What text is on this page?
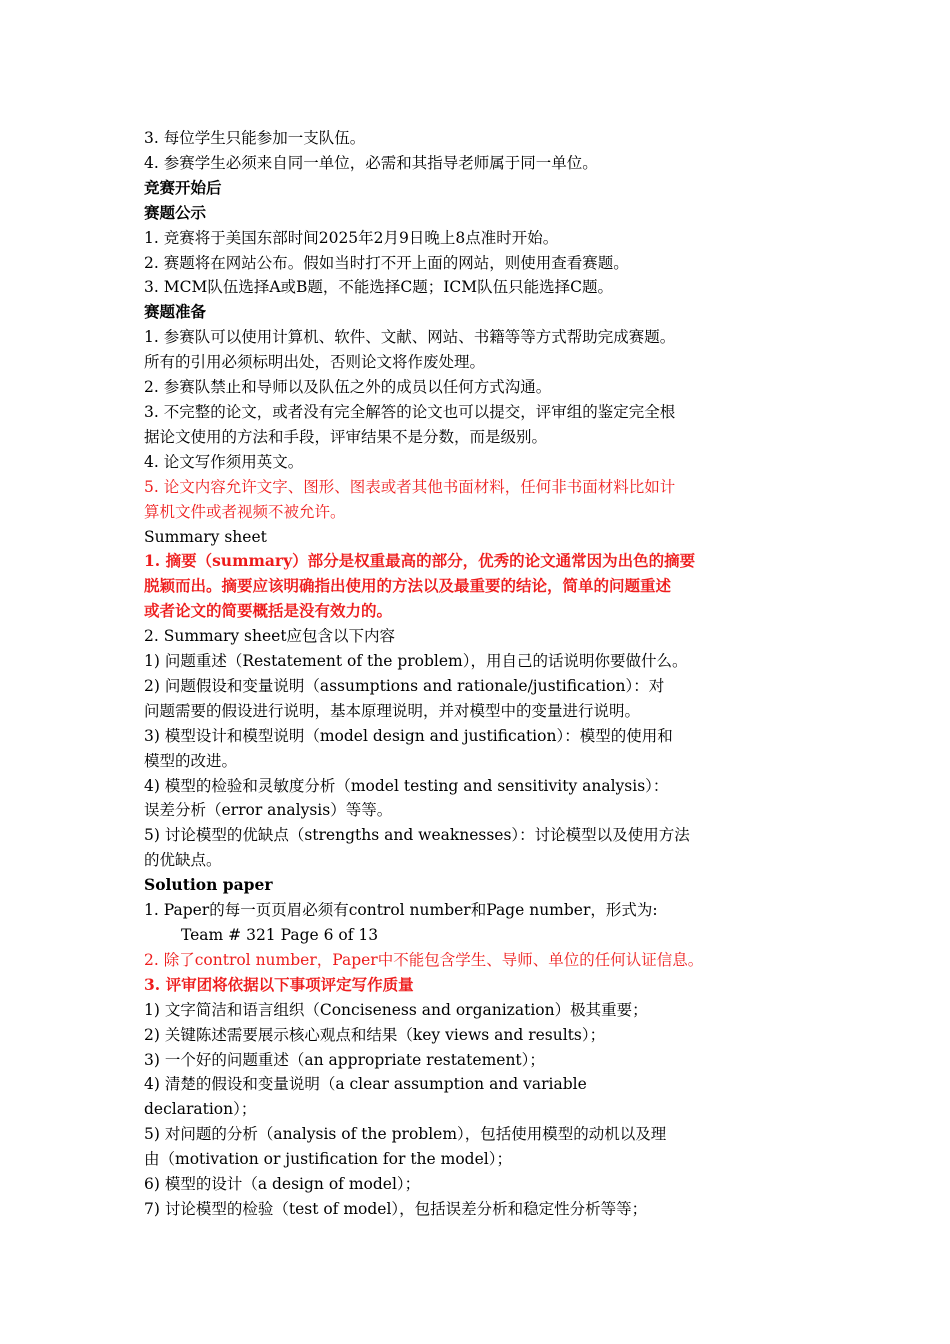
3. 每位学生只能参加一支队伍。
4. 参赛学生必须来自同一单位，必需和其指导老师属于同一单位。
竞赛开始后
赛题公示
1. 竞赛将于美国东部时间2025年2月9日晚上8点准时开始。
2. 赛题将在网站公布。假如当时打不开上面的网站，则使用查看赛题。
3. MCM队伍选择A或B题，不能选择C题；ICM队伍只能选择C题。
赛题准备
1. 参赛队可以使用计算机、软件、文献、网站、书籍等等方式帮助完成赛题。
所有的引用必须标明出处，否则论文将作废处理。
2. 参赛队禁止和导师以及队伍之外的成员以任何方式沟通。
3. 不完整的论文，或者没有完全解答的论文也可以提交，评审组的鉴定完全根
据论文使用的方法和手段，评审结果不是分数，而是级别。
4. 论文写作须用英文。
5. 论文内容允许文字、图形、图表或者其他书面材料，任何非书面材料比如计
算机文件或者视频不被允许。
Summary sheet
1. 摘要（summary）部分是权重最高的部分，优秀的论文通常因为出色的摘要
脱颖而出。摘要应该明确指出使用的方法以及最重要的结论，简单的问题重述
或者论文的简要概括是没有效力的。
2. Summary sheet应包含以下内容
1) 问题重述（Restatement of the problem），用自己的话说明你要做什么。
2) 问题假设和变量说明（assumptions and rationale/justification）：对
问题需要的假设进行说明，基本原理说明，并对模型中的变量进行说明。
3) 模型设计和模型说明（model design and justification）：模型的使用和
模型的改进。
4) 模型的检验和灵敏度分析（model testing and sensitivity analysis）：
误差分析（error analysis）等等。
5) 讨论模型的优缺点（strengths and weaknesses）：讨论模型以及使用方法
的优缺点。
Solution paper
1. Paper的每一页页眉必须有control number和Page number，形式为:
Team # 321 Page 6 of 13
2. 除了control number，Paper中不能包含学生、导师、单位的任何认证信息。
3. 评审团将依据以下事项评定写作质量
1) 文字简洁和语言组织（Conciseness and organization）极其重要；
2) 关键陈述需要展示核心观点和结果（key views and results）；
3) 一个好的问题重述（an appropriate restatement）；
4) 清楚的假设和变量说明（a clear assumption and variable
declaration）；
5) 对问题的分析（analysis of the problem），包括使用模型的动机以及理
由（motivation or justification for the model）；
6) 模型的设计（a design of model）；
7) 讨论模型的检验（test of model），包括误差分析和稳定性分析等等；
